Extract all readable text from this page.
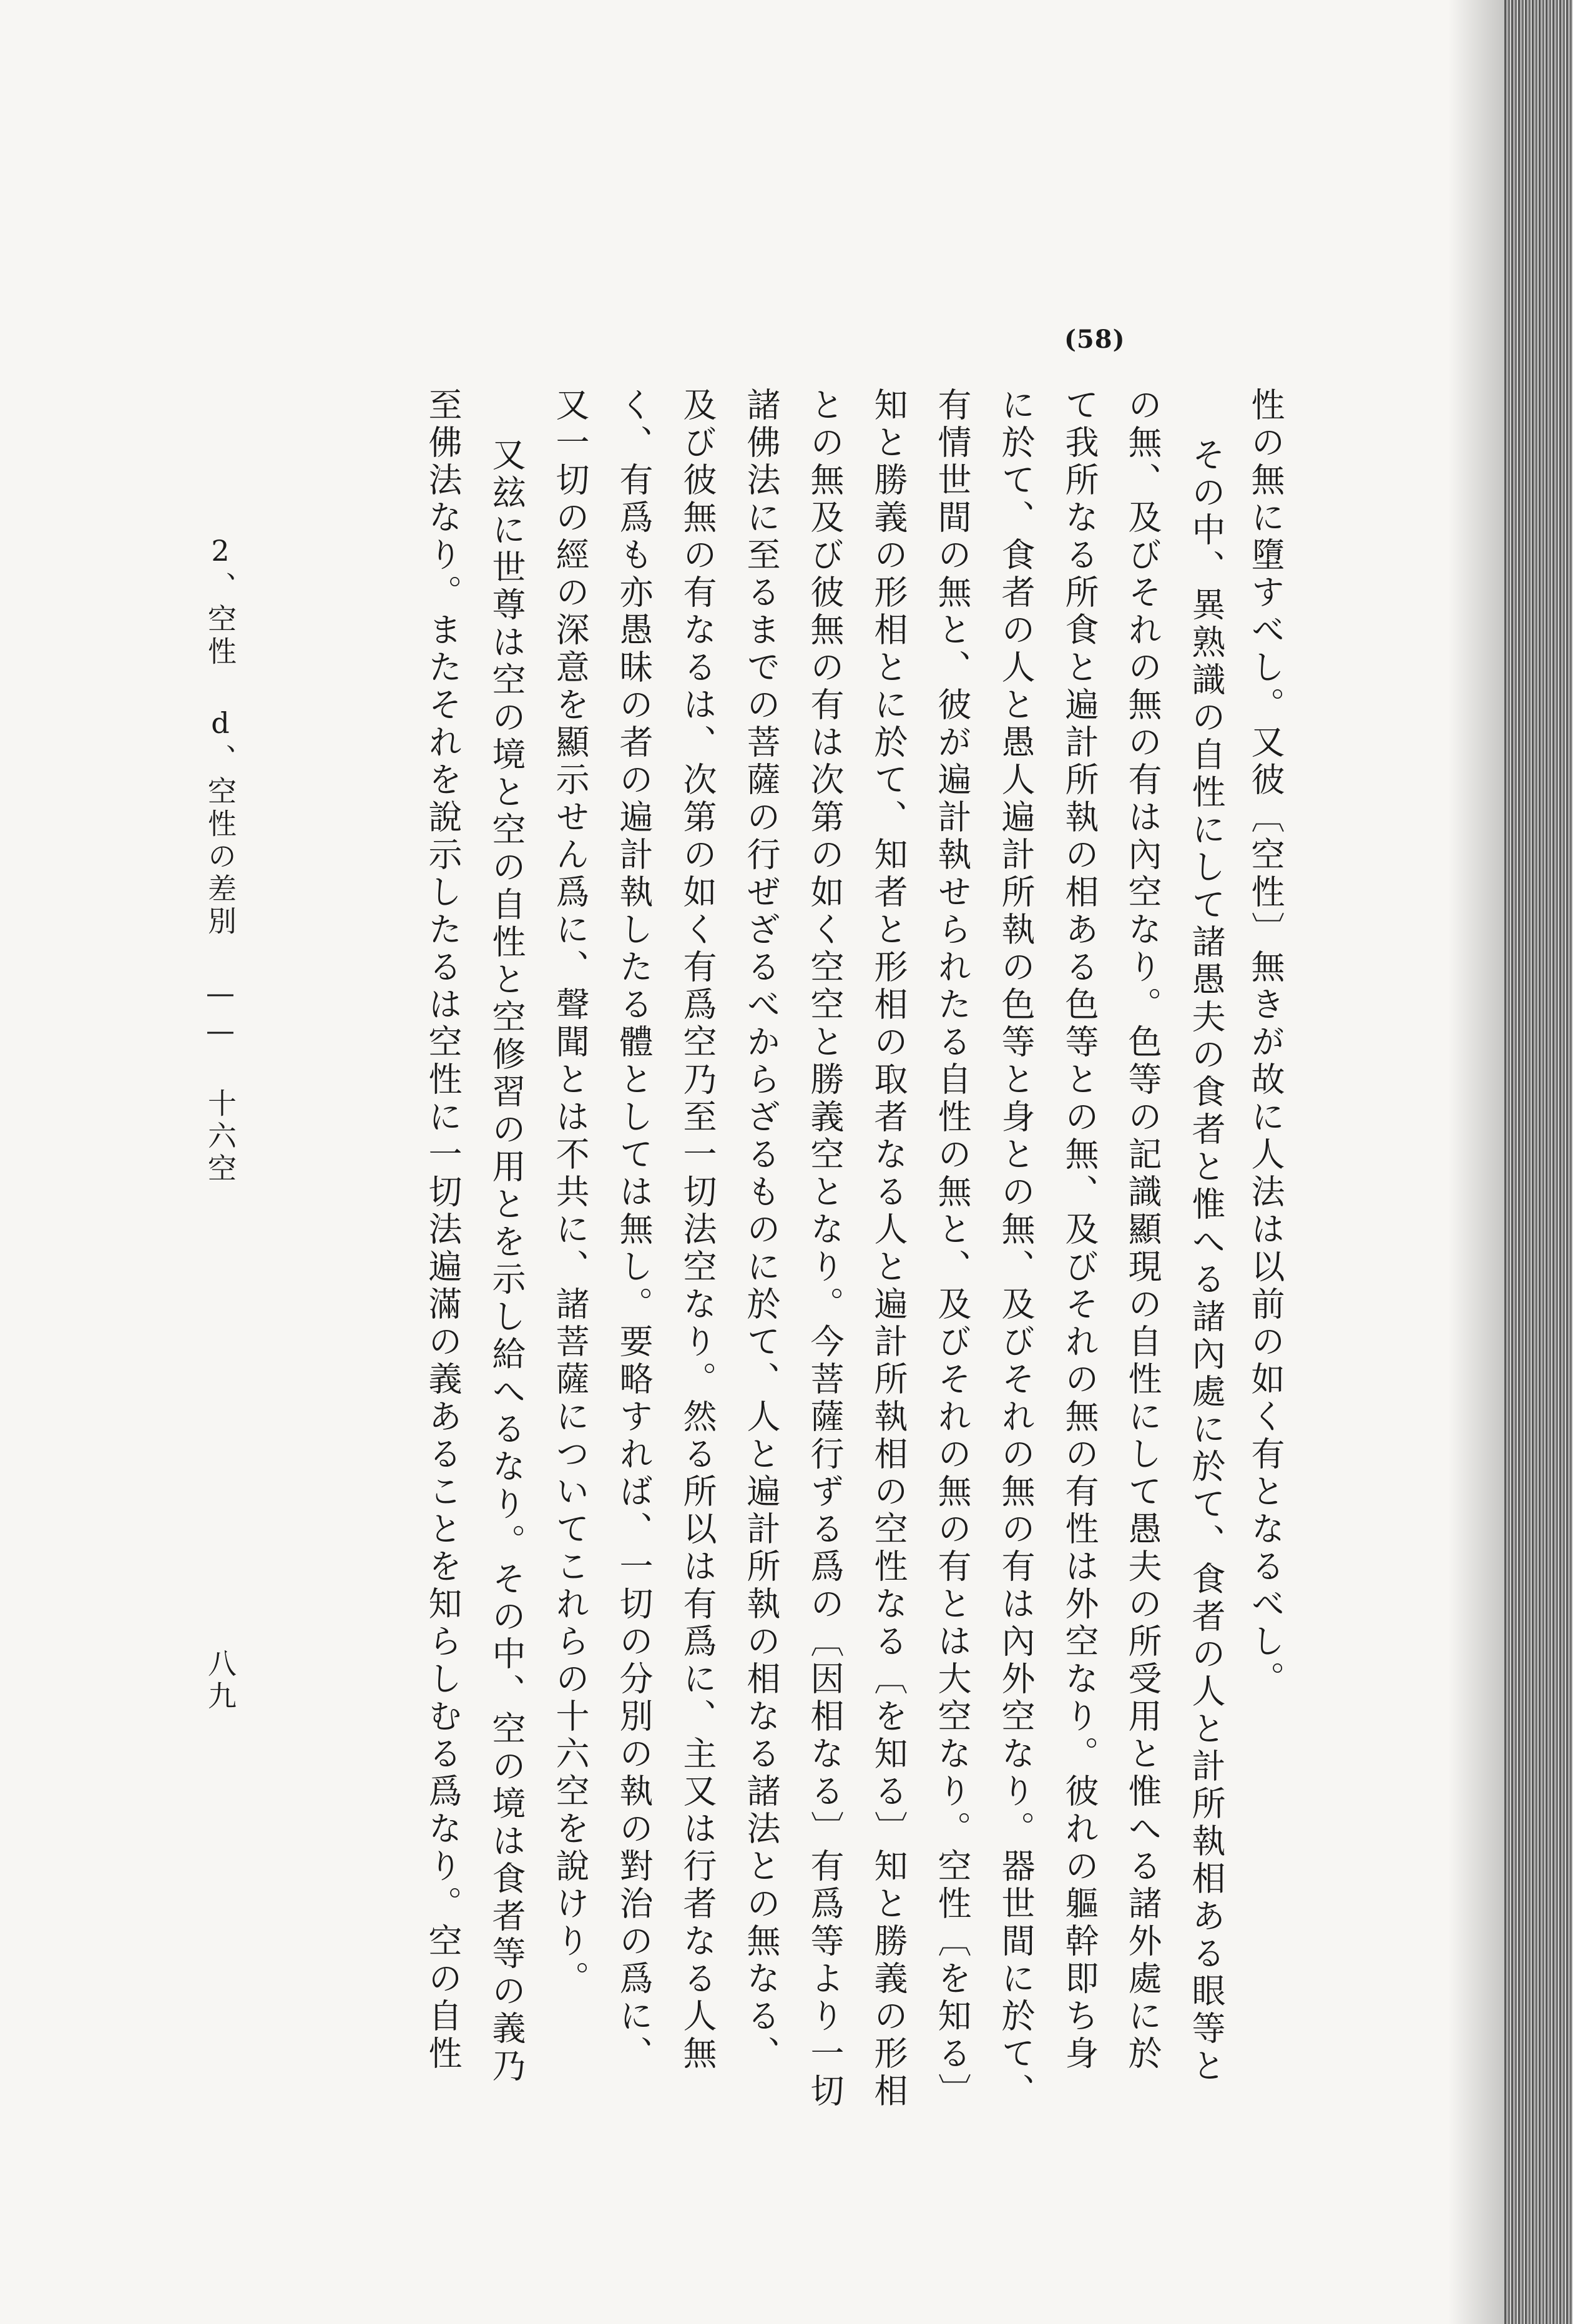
(58)
性の無に墮すべし。又彼〔空性〕無きが故に人法は以前の如く有となるべし。
その中、異熟識の自性にして諸愚夫の食者と惟へる諸內處に於て、食者の人と計所執相ある眼等と
の無、及びそれの無の有は內空なり。色等の記識顯現の自性にして愚夫の所受用と惟へる諸外處に於
て我所なる所食と遍計所執の相ある色等との無、及びそれの無の有性は外空なり。彼れの軀幹即ち身
に於て、食者の人と愚人遍計所執の色等と身との無、及びそれの無の有は內外空なり。器世間に於て、
有情世間の無と、彼が遍計執せられたる自性の無と、及びそれの無の有とは大空なり。空性〔を知る〕
知と勝義の形相とに於て、知者と形相の取者なる人と遍計所執相の空性なる〔を知る〕知と勝義の形相
との無及び彼無の有は次第の如く空空と勝義空となり。今菩薩行ずる爲の〔因相なる〕有爲等より一切
諸佛法に至るまでの菩薩の行ぜざるべからざるものに於て、人と遍計所執の相なる諸法との無なる、
及び彼無の有なるは、次第の如く有爲空乃至一切法空なり。然る所以は有爲に、主又は行者なる人無
く、有爲も亦愚昧の者の遍計執したる體としては無し。要略すれば、一切の分別の執の對治の爲に、
又一切の經の深意を顯示せん爲に、聲聞とは不共に、諸菩薩についてこれらの十六空を說けり。
又玆に世尊は空の境と空の自性と空修習の用とを示し給へるなり。その中、空の境は食者等の義乃
至佛法なり。またそれを說示したるは空性に一切法遍滿の義あることを知らしむる爲なり。空の自性
2、空性 d、空性の差別 —— 十六空
八九
